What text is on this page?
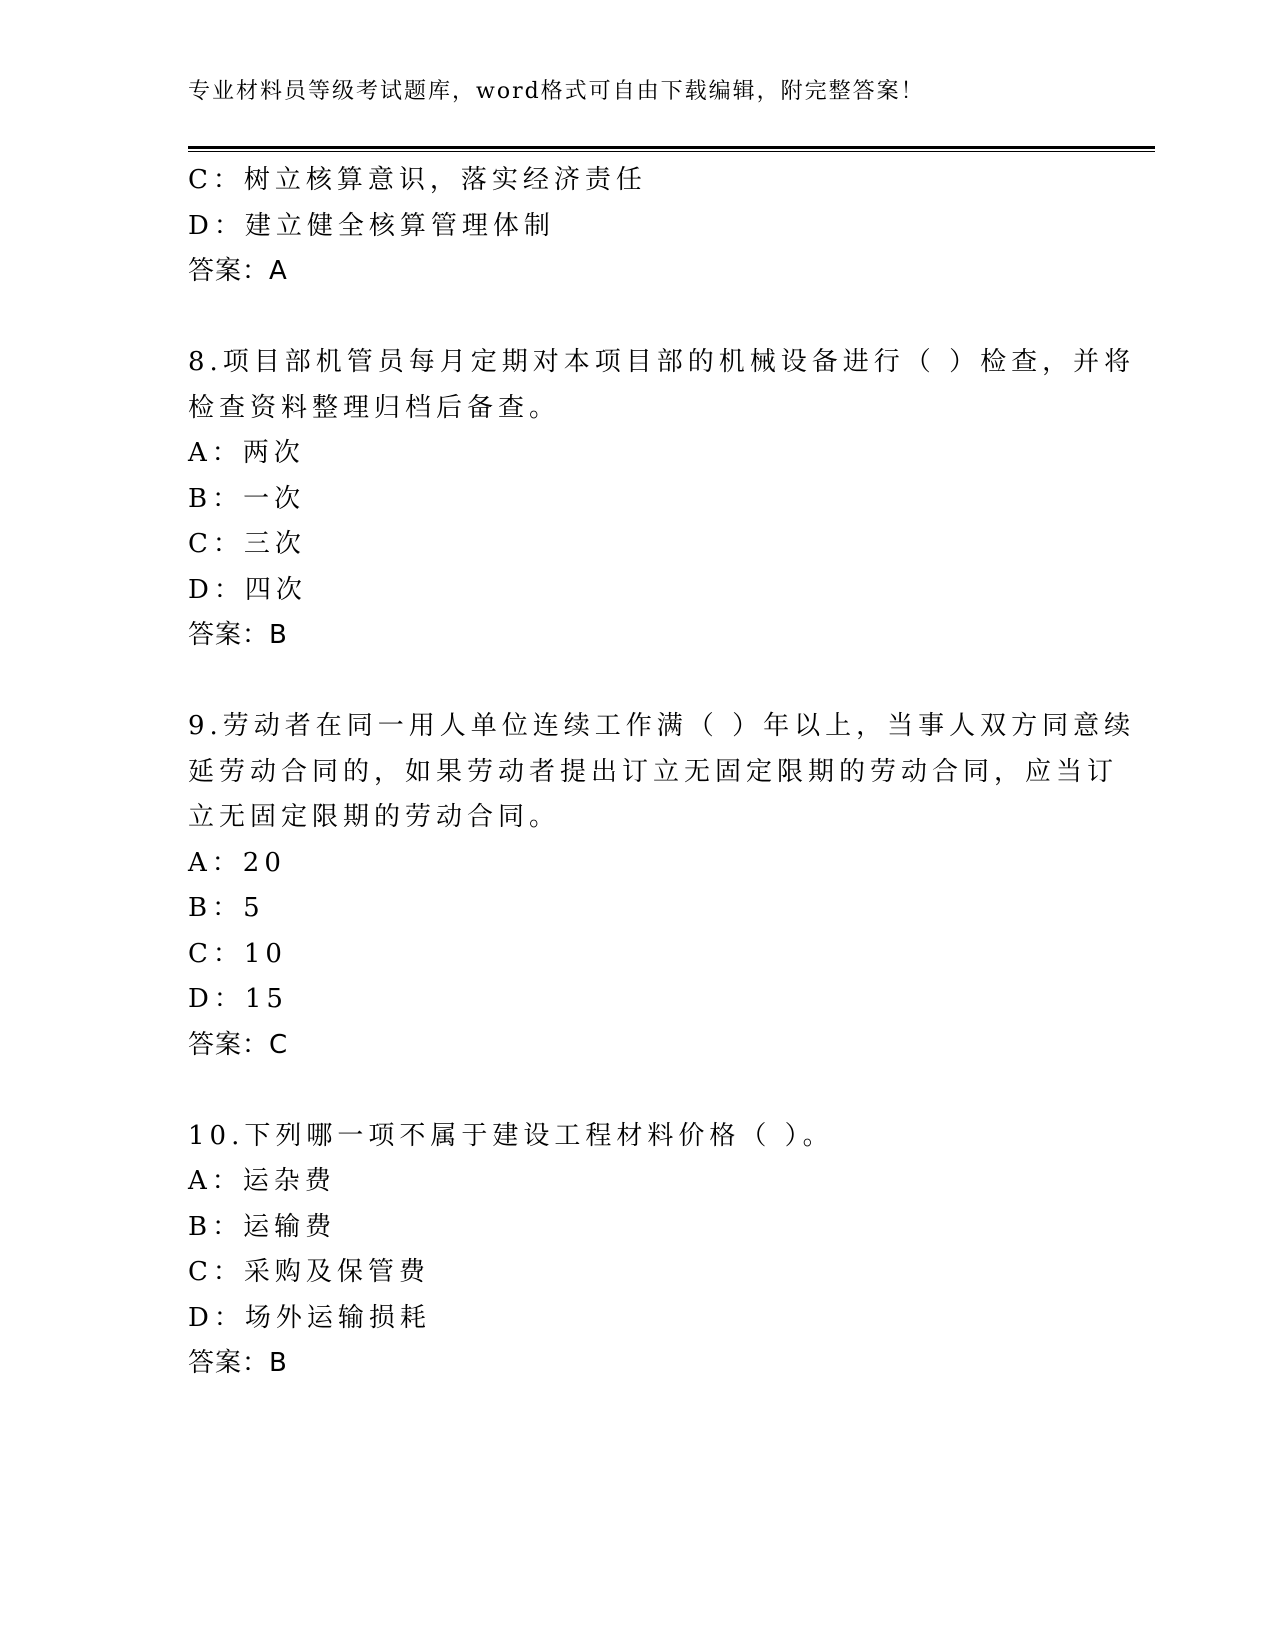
专业材料员等级考试题库，word格式可自由下载编辑，附完整答案！
C：树立核算意识，落实经济责任
D：建立健全核算管理体制
答案：A
8.项目部机管员每月定期对本项目部的机械设备进行（ ）检查，并将
检查资料整理归档后备查。
A：两次
B：一次
C：三次
D：四次
答案：B
9.劳动者在同一用人单位连续工作满（ ）年以上，当事人双方同意续
延劳动合同的，如果劳动者提出订立无固定限期的劳动合同，应当订
立无固定限期的劳动合同。
A：20
B：5
C：10
D：15
答案：C
10.下列哪一项不属于建设工程材料价格（ ）。
A：运杂费
B：运输费
C：采购及保管费
D：场外运输损耗
答案：B
